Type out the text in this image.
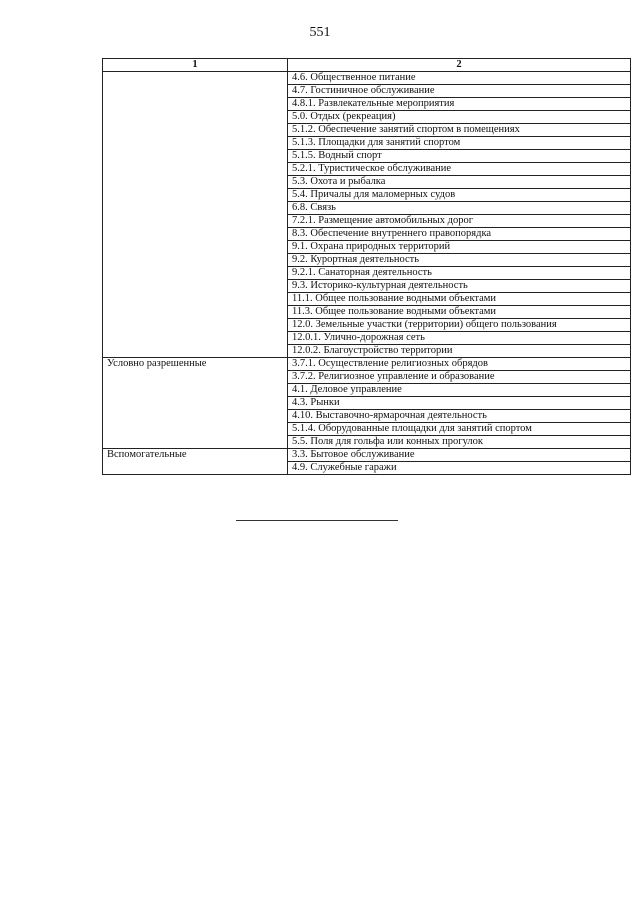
551
1	2
	4.6. Общественное питание
	4.7. Гостиничное обслуживание
	4.8.1. Развлекательные мероприятия
	5.0. Отдых (рекреация)
	5.1.2. Обеспечение занятий спортом в помещениях
	5.1.3. Площадки для занятий спортом
	5.1.5. Водный спорт
	5.2.1. Туристическое обслуживание
	5.3. Охота и рыбалка
	5.4. Причалы для маломерных судов
	6.8. Связь
	7.2.1. Размещение автомобильных дорог
	8.3. Обеспечение внутреннего правопорядка
	9.1. Охрана природных территорий
	9.2. Курортная деятельность
	9.2.1. Санаторная деятельность
	9.3. Историко-культурная деятельность
	11.1. Общее пользование водными объектами
	11.3. Общее пользование водными объектами
	12.0. Земельные участки (территории) общего пользования
	12.0.1. Улично-дорожная сеть
	12.0.2. Благоустройство территории
Условно разрешенные	3.7.1. Осуществление религиозных обрядов
	3.7.2. Религиозное управление и образование
	4.1. Деловое управление
	4.3. Рынки
	4.10. Выставочно-ярмарочная деятельность
	5.1.4. Оборудованные площадки для занятий спортом
	5.5. Поля для гольфа или конных прогулок
Вспомогательные	3.3. Бытовое обслуживание
	4.9. Служебные гаражи
